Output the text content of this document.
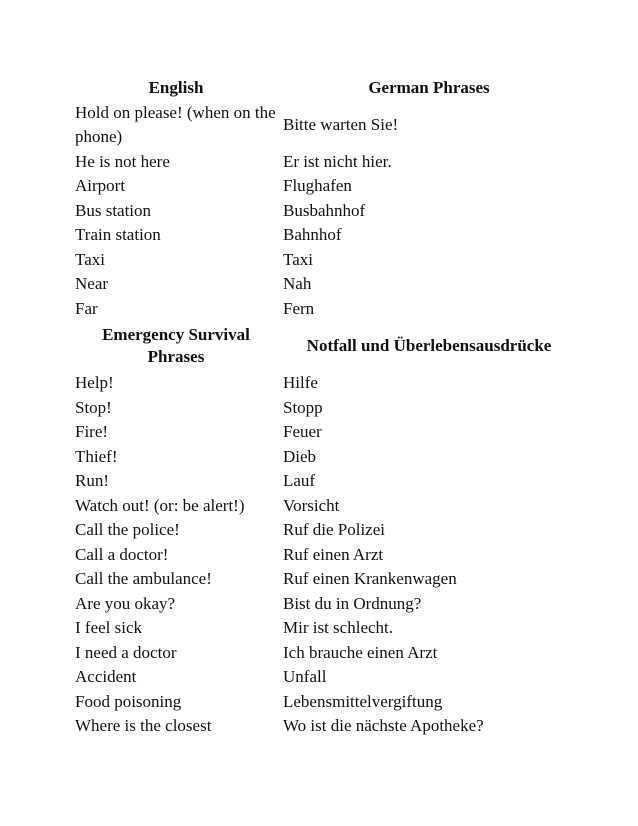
English	German Phrases
Hold on please! (when on the phone)	Bitte warten Sie!
He is not here	Er ist nicht hier.
Airport	Flughafen
Bus station	Busbahnhof
Train station	Bahnhof
Taxi	Taxi
Near	Nah
Far	Fern
Emergency Survival Phrases	Notfall und Überlebensausdrücke
Help!	Hilfe
Stop!	Stopp
Fire!	Feuer
Thief!	Dieb
Run!	Lauf
Watch out! (or: be alert!)	Vorsicht
Call the police!	Ruf die Polizei
Call a doctor!	Ruf einen Arzt
Call the ambulance!	Ruf einen Krankenwagen
Are you okay?	Bist du in Ordnung?
I feel sick	Mir ist schlecht.
I need a doctor	Ich brauche einen Arzt
Accident	Unfall
Food poisoning	Lebensmittelvergiftung
Where is the closest	Wo ist die nächste Apotheke?
